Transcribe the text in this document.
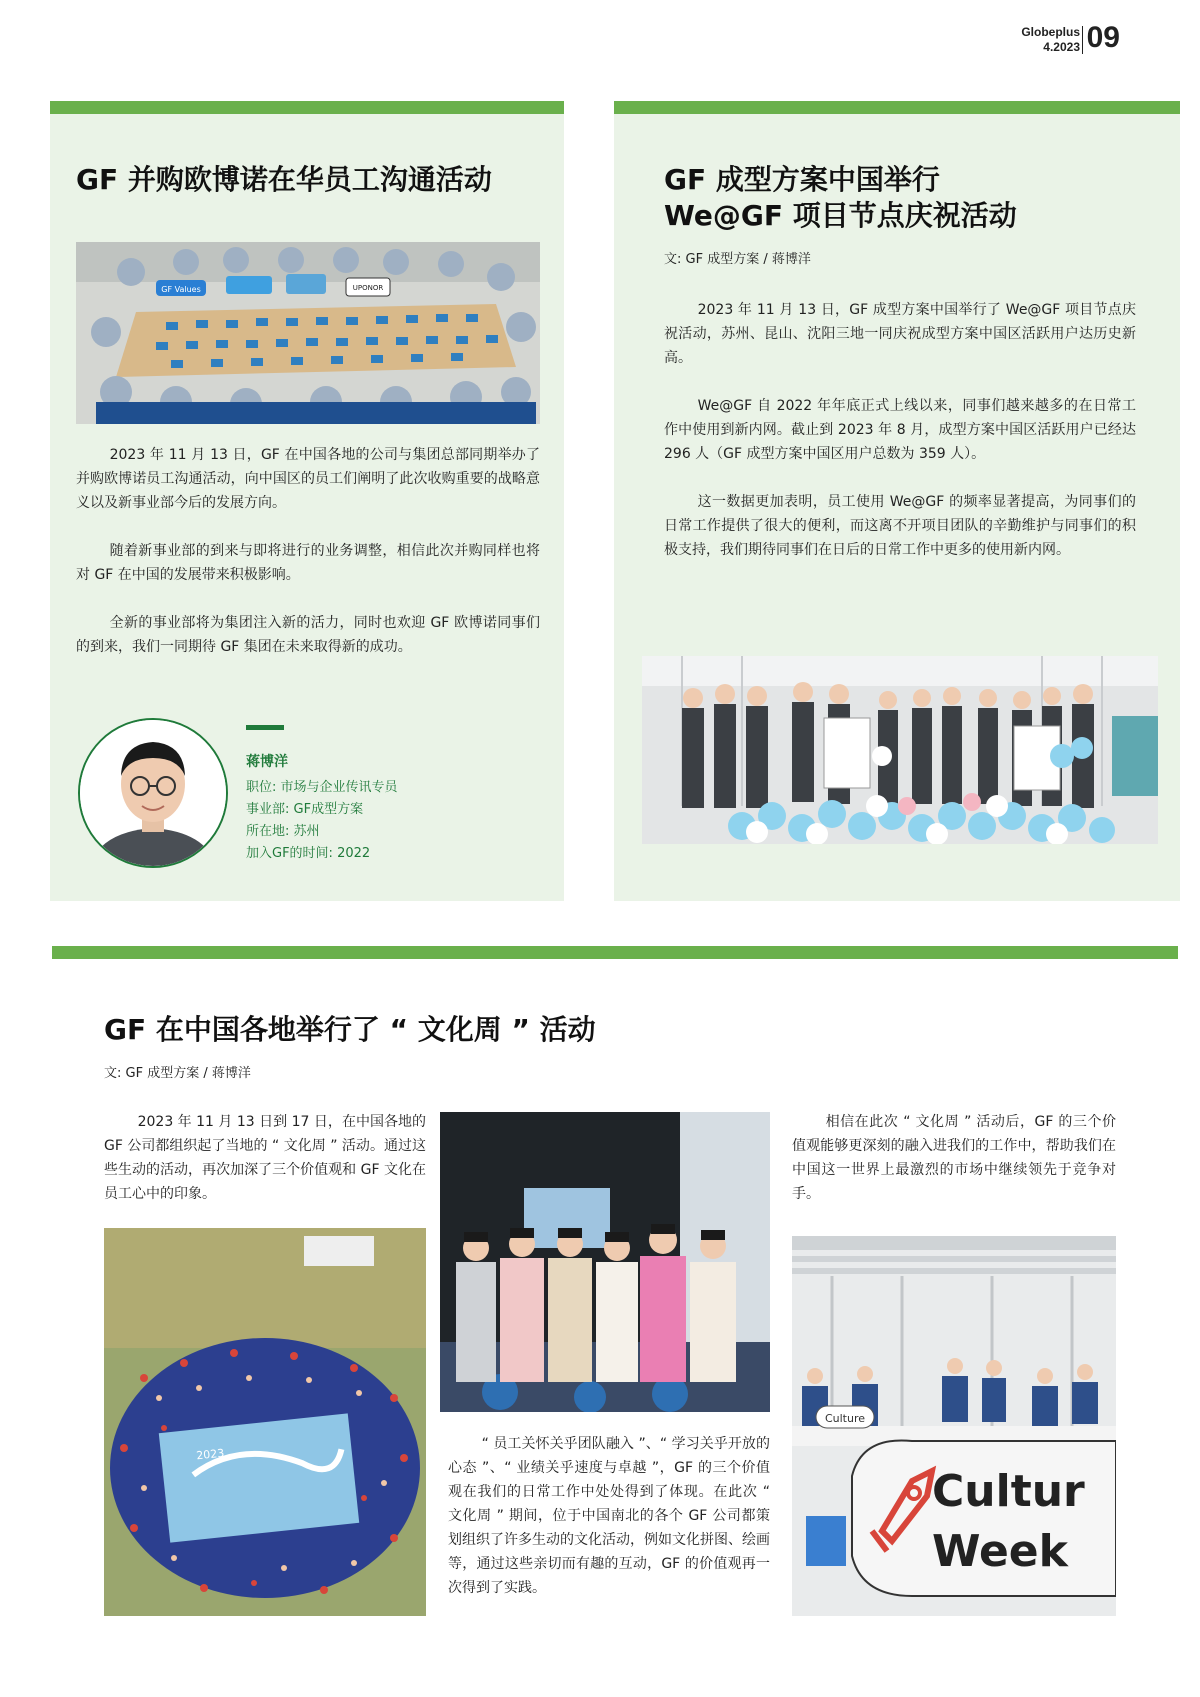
Globeplus
4.2023 09
GF 并购欧博诺在华员工沟通活动
GF Values	UPONOR

2023 年 11 月 13 日，GF 在中国各地的公司与集团总部同期举办了并购欧博诺员工沟通活动，向中国区的员工们阐明了此次收购重要的战略意义以及新事业部今后的发展方向。

随着新事业部的到来与即将进行的业务调整，相信此次并购同样也将对 GF 在中国的发展带来积极影响。

全新的事业部将为集团注入新的活力，同时也欢迎 GF 欧博诺同事们的到来，我们一同期待 GF 集团在未来取得新的成功。

蒋博洋
职位: 市场与企业传讯专员
事业部: GF成型方案
所在地: 苏州
加入GF的时间: 2022
GF 成型方案中国举行
We@GF 项目节点庆祝活动
文: GF 成型方案 / 蒋博洋

2023 年 11 月 13 日，GF 成型方案中国举行了 We@GF 项目节点庆祝活动，苏州、昆山、沈阳三地一同庆祝成型方案中国区活跃用户达历史新高。

We@GF 自 2022 年年底正式上线以来，同事们越来越多的在日常工作中使用到新内网。截止到 2023 年 8 月，成型方案中国区活跃用户已经达 296 人（GF 成型方案中国区用户总数为 359 人）。

这一数据更加表明，员工使用 We@GF 的频率显著提高，为同事们的日常工作提供了很大的便利，而这离不开项目团队的辛勤维护与同事们的积极支持，我们期待同事们在日后的日常工作中更多的使用新内网。

GF 在中国各地举行了 “ 文化周 ” 活动
文: GF 成型方案 / 蒋博洋

2023 年 11 月 13 日到 17 日，在中国各地的 GF 公司都组织起了当地的 “ 文化周 ” 活动。通过这些生动的活动，再次加深了三个价值观和 GF 文化在员工心中的印象。

2023

“ 员工关怀关乎团队融入 ”、“ 学习关乎开放的心态 ”、“ 业绩关乎速度与卓越 ”，GF 的三个价值观在我们的日常工作中处处得到了体现。在此次 “ 文化周 ” 期间，位于中国南北的各个 GF 公司都策划组织了许多生动的文化活动，例如文化拼图、绘画等，通过这些亲切而有趣的互动，GF 的价值观再一次得到了实践。

相信在此次 “ 文化周 ” 活动后，GF 的三个价值观能够更深刻的融入进我们的工作中，帮助我们在中国这一世界上最激烈的市场中继续领先于竞争对手。

Culture
Cultur
Week
